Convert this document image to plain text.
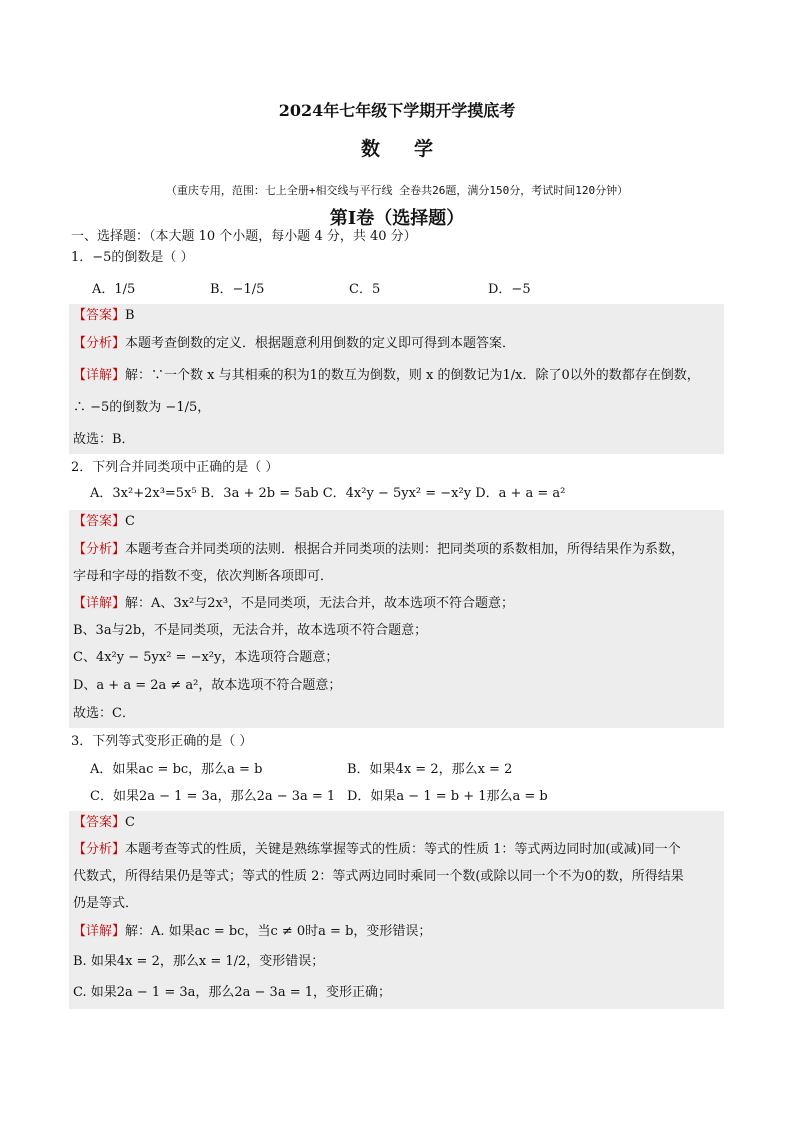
2024年七年级下学期开学摸底考
数学
（重庆专用，范围：七上全册+相交线与平行线 全卷共26题，满分150分，考试时间120分钟）
第Ⅰ卷（选择题）
一、选择题：（本大题 10 个小题，每小题 4 分，共 40 分）
1．−5的倒数是（ ）
A．1/5	B．−1/5	C．5	D．−5
【答案】B
【分析】本题考查倒数的定义．根据题意利用倒数的定义即可得到本题答案．
【详解】解：∵一个数 x 与其相乘的积为1的数互为倒数，则 x 的倒数记为1/x．除了0以外的数都存在倒数，
∴ −5的倒数为 −1/5，
故选：B．
2．下列合并同类项中正确的是（ ）
A．3x²+2x³=5x⁵ B．3a + 2b = 5ab C．4x²y − 5yx² = −x²y D．a + a = a²
【答案】C
【分析】本题考查合并同类项的法则．根据合并同类项的法则：把同类项的系数相加，所得结果作为系数，
字母和字母的指数不变，依次判断各项即可．
【详解】解：A、3x²与2x³，不是同类项，无法合并，故本选项不符合题意；
B、3a与2b，不是同类项，无法合并，故本选项不符合题意；
C、4x²y − 5yx² = −x²y，本选项符合题意；
D、a + a = 2a ≠ a²，故本选项不符合题意；
故选：C．
3．下列等式变形正确的是（ ）
A．如果ac = bc，那么a = b	B．如果4x = 2，那么x = 2
C．如果2a − 1 = 3a，那么2a − 3a = 1 D．如果a − 1 = b + 1那么a = b
【答案】C
【分析】本题考查等式的性质，关键是熟练掌握等式的性质：等式的性质 1：等式两边同时加(或减)同一个
代数式，所得结果仍是等式；等式的性质 2：等式两边同时乘同一个数(或除以同一个不为0的数，所得结果
仍是等式．
【详解】解：A. 如果ac = bc，当c ≠ 0时a = b，变形错误；
B. 如果4x = 2，那么x = 1/2，变形错误；
C. 如果2a − 1 = 3a，那么2a − 3a = 1，变形正确；
